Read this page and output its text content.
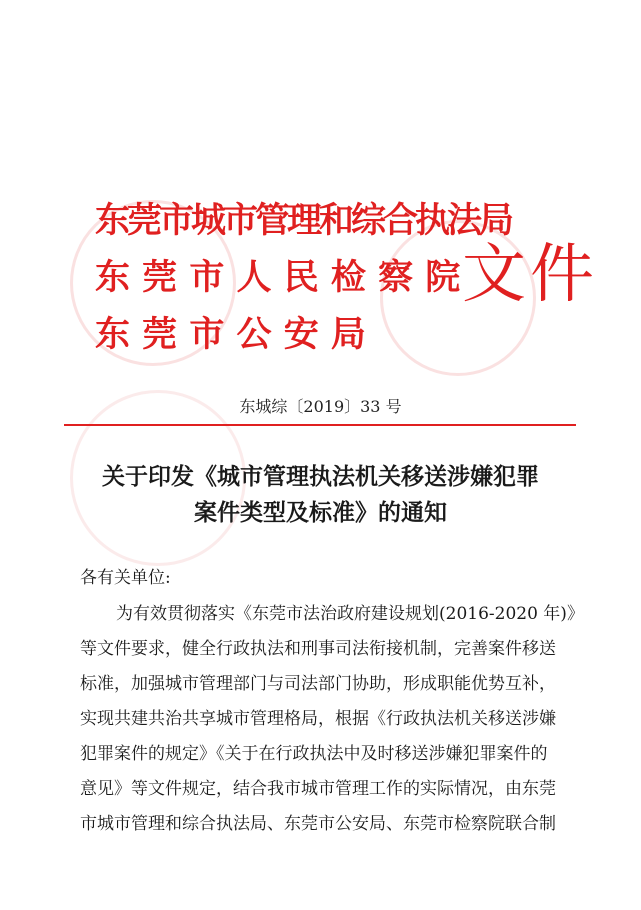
东莞市城市管理和综合执法局
东 莞 市 人 民 检 察 院
东 莞 市 公 安 局
文件
东城综〔2019〕33 号
关于印发《城市管理执法机关移送涉嫌犯罪
案件类型及标准》的通知
各有关单位:
为有效贯彻落实《东莞市法治政府建设规划(2016-2020 年)》
等文件要求，健全行政执法和刑事司法衔接机制，完善案件移送
标准，加强城市管理部门与司法部门协助，形成职能优势互补，
实现共建共治共享城市管理格局，根据《行政执法机关移送涉嫌
犯罪案件的规定》《关于在行政执法中及时移送涉嫌犯罪案件的
意见》等文件规定，结合我市城市管理工作的实际情况，由东莞
市城市管理和综合执法局、东莞市公安局、东莞市检察院联合制
